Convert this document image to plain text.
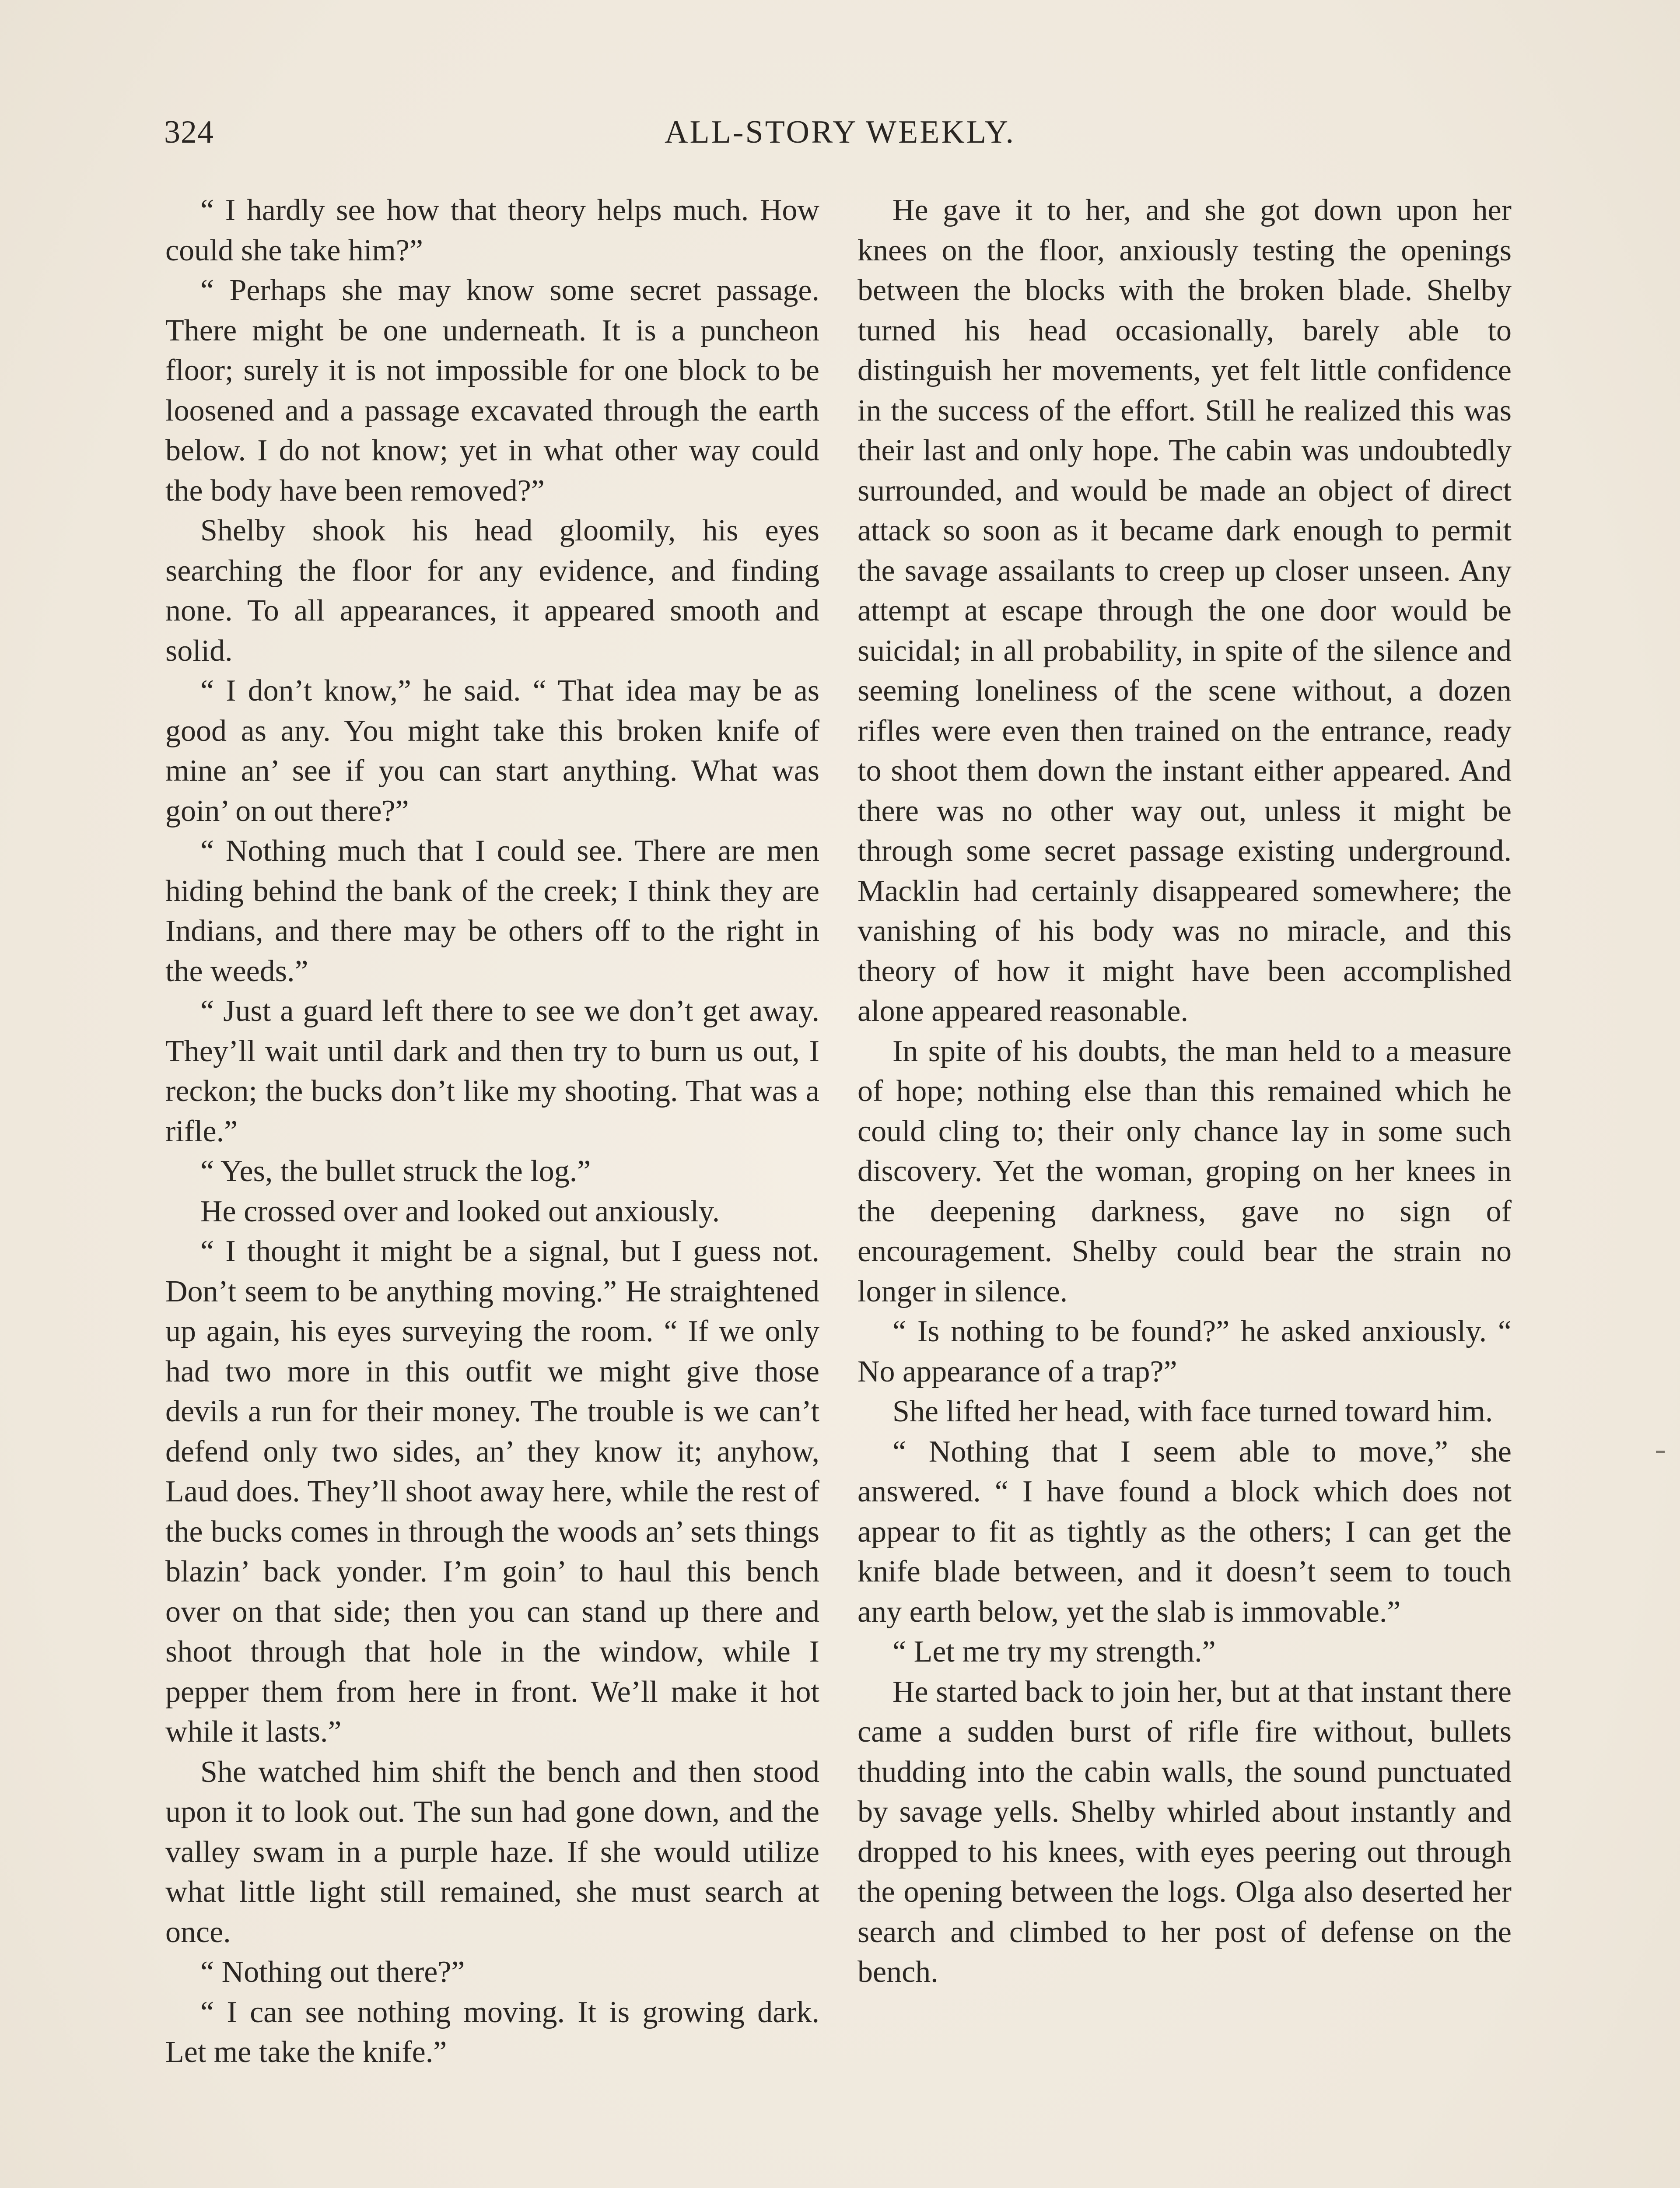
324	ALL-STORY WEEKLY.

“ I hardly see how that theory helps much. How could she take him?”

“ Perhaps she may know some secret passage. There might be one underneath. It is a puncheon floor; surely it is not impossible for one block to be loosened and a passage excavated through the earth below. I do not know; yet in what other way could the body have been removed?”

Shelby shook his head gloomily, his eyes searching the floor for any evidence, and finding none. To all appearances, it appeared smooth and solid.

“ I don’t know,” he said. “ That idea may be as good as any. You might take this broken knife of mine an’ see if you can start anything. What was goin’ on out there?”

“ Nothing much that I could see. There are men hiding behind the bank of the creek; I think they are Indians, and there may be others off to the right in the weeds.”

“ Just a guard left there to see we don’t get away. They’ll wait until dark and then try to burn us out, I reckon; the bucks don’t like my shooting. That was a rifle.”

“ Yes, the bullet struck the log.”

He crossed over and looked out anxiously.

“ I thought it might be a signal, but I guess not. Don’t seem to be anything moving.” He straightened up again, his eyes surveying the room. “ If we only had two more in this outfit we might give those devils a run for their money. The trouble is we can’t defend only two sides, an’ they know it; anyhow, Laud does. They’ll shoot away here, while the rest of the bucks comes in through the woods an’ sets things blazin’ back yonder. I’m goin’ to haul this bench over on that side; then you can stand up there and shoot through that hole in the window, while I pepper them from here in front. We’ll make it hot while it lasts.”

She watched him shift the bench and then stood upon it to look out. The sun had gone down, and the valley swam in a purple haze. If she would utilize what little light still remained, she must search at once.

“ Nothing out there?”

“ I can see nothing moving. It is growing dark. Let me take the knife.”

He gave it to her, and she got down upon her knees on the floor, anxiously testing the openings between the blocks with the broken blade. Shelby turned his head occasionally, barely able to distinguish her movements, yet felt little confidence in the success of the effort. Still he realized this was their last and only hope. The cabin was undoubtedly surrounded, and would be made an object of direct attack so soon as it became dark enough to permit the savage assailants to creep up closer unseen. Any attempt at escape through the one door would be suicidal; in all probability, in spite of the silence and seeming loneliness of the scene without, a dozen rifles were even then trained on the entrance, ready to shoot them down the instant either appeared. And there was no other way out, unless it might be through some secret passage existing underground. Macklin had certainly disappeared somewhere; the vanishing of his body was no miracle, and this theory of how it might have been accomplished alone appeared reasonable.

In spite of his doubts, the man held to a measure of hope; nothing else than this remained which he could cling to; their only chance lay in some such discovery. Yet the woman, groping on her knees in the deepening darkness, gave no sign of encouragement. Shelby could bear the strain no longer in silence.

“ Is nothing to be found?” he asked anxiously. “ No appearance of a trap?”

She lifted her head, with face turned toward him.

“ Nothing that I seem able to move,” she answered. “ I have found a block which does not appear to fit as tightly as the others; I can get the knife blade between, and it doesn’t seem to touch any earth below, yet the slab is immovable.”

“ Let me try my strength.”

He started back to join her, but at that instant there came a sudden burst of rifle fire without, bullets thudding into the cabin walls, the sound punctuated by savage yells. Shelby whirled about instantly and dropped to his knees, with eyes peering out through the opening between the logs. Olga also deserted her search and climbed to her post of defense on the bench.
